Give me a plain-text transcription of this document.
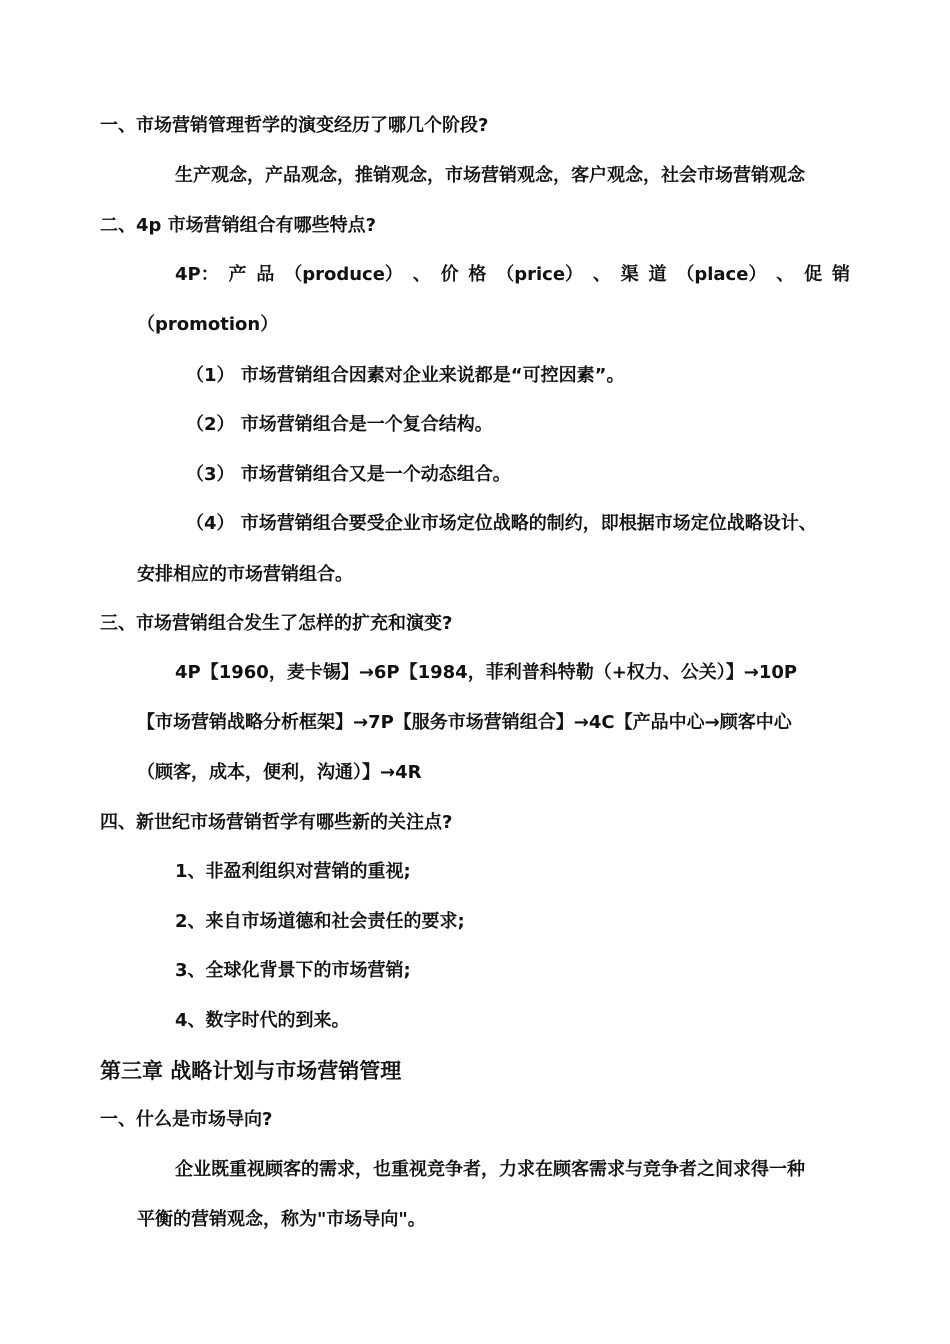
一、市场营销管理哲学的演变经历了哪几个阶段?
生产观念，产品观念，推销观念，市场营销观念，客户观念，社会市场营销观念
二、4p 市场营销组合有哪些特点?
4P： 产 品 （produce） 、 价 格 （price） 、 渠 道 （place） 、 促 销
（promotion）
（1） 市场营销组合因素对企业来说都是“可控因素”。
（2） 市场营销组合是一个复合结构。
（3） 市场营销组合又是一个动态组合。
（4） 市场营销组合要受企业市场定位战略的制约，即根据市场定位战略设计、
安排相应的市场营销组合。
三、市场营销组合发生了怎样的扩充和演变?
4P【1960，麦卡锡】→6P【1984，菲利普科特勒（+权力、公关）】→10P
【市场营销战略分析框架】→7P【服务市场营销组合】→4C【产品中心→顾客中心
（顾客，成本，便利，沟通）】→4R
四、新世纪市场营销哲学有哪些新的关注点?
1、非盈利组织对营销的重视;
2、来自市场道德和社会责任的要求;
3、全球化背景下的市场营销;
4、数字时代的到来。
第三章 战略计划与市场营销管理
一、什么是市场导向?
企业既重视顾客的需求，也重视竞争者，力求在顾客需求与竞争者之间求得一种
平衡的营销观念，称为"市场导向"。
